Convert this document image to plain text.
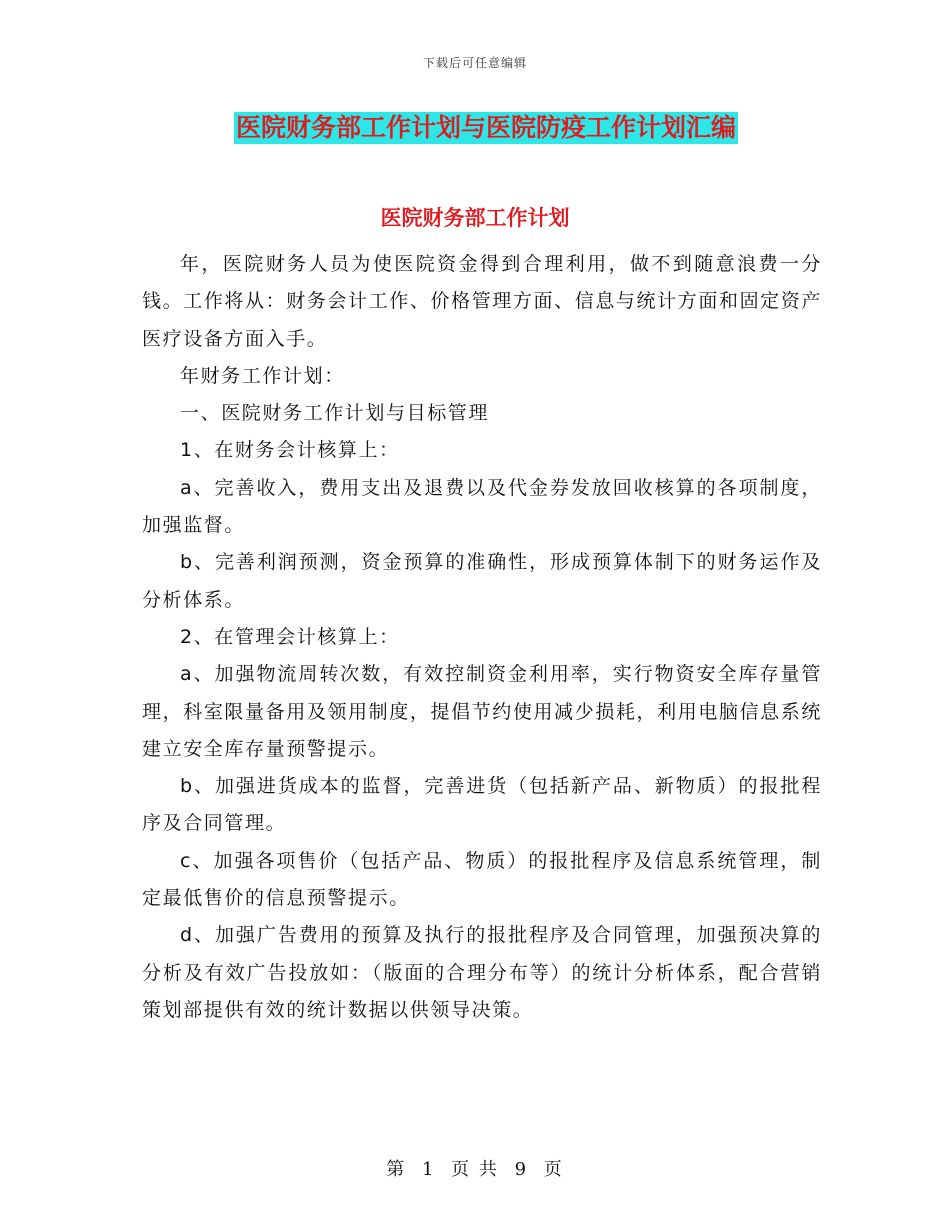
下载后可任意编辑
医院财务部工作计划与医院防疫工作计划汇编
医院财务部工作计划

年，医院财务人员为使医院资金得到合理利用，做不到随意浪费一分钱。工作将从：财务会计工作、价格管理方面、信息与统计方面和固定资产医疗设备方面入手。

年财务工作计划：

一、医院财务工作计划与目标管理

1、在财务会计核算上：

a、完善收入，费用支出及退费以及代金券发放回收核算的各项制度，加强监督。

b、完善利润预测，资金预算的准确性，形成预算体制下的财务运作及分析体系。

2、在管理会计核算上：

a、加强物流周转次数，有效控制资金利用率，实行物资安全库存量管理，科室限量备用及领用制度，提倡节约使用减少损耗，利用电脑信息系统建立安全库存量预警提示。

b、加强进货成本的监督，完善进货（包括新产品、新物质）的报批程序及合同管理。

c、加强各项售价（包括产品、物质）的报批程序及信息系统管理，制定最低售价的信息预警提示。

d、加强广告费用的预算及执行的报批程序及合同管理，加强预决算的分析及有效广告投放如：（版面的合理分布等）的统计分析体系，配合营销策划部提供有效的统计数据以供领导决策。

第 1 页 共 9 页
